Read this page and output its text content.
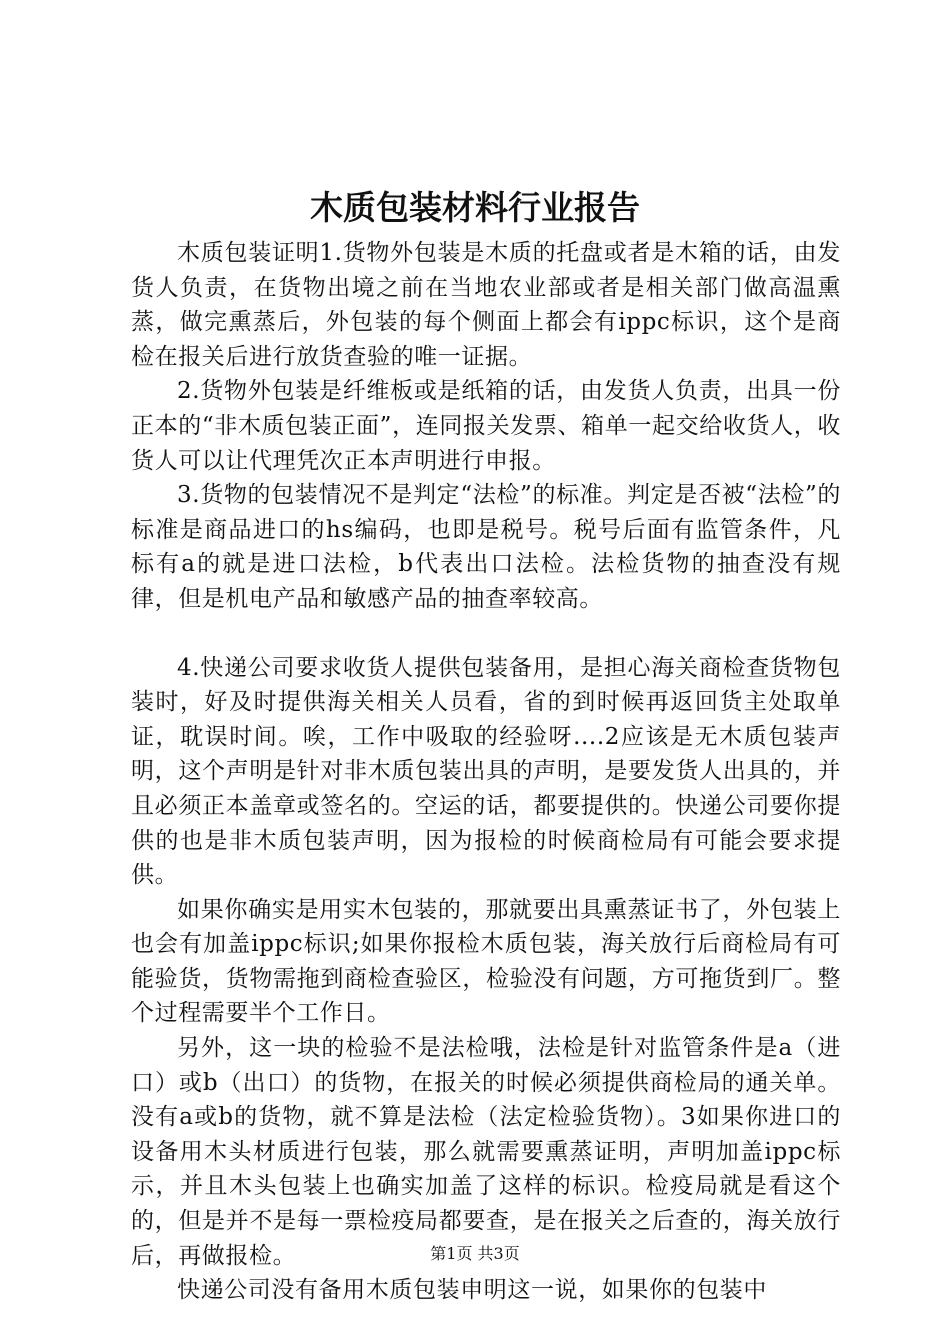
木质包装材料行业报告

木质包装证明1.货物外包装是木质的托盘或者是木箱的话，由发货人负责，在货物出境之前在当地农业部或者是相关部门做高温熏蒸，做完熏蒸后，外包装的每个侧面上都会有ippc标识，这个是商检在报关后进行放货查验的唯一证据。

2.货物外包装是纤维板或是纸箱的话，由发货人负责，出具一份正本的“非木质包装正面”，连同报关发票、箱单一起交给收货人，收货人可以让代理凭次正本声明进行申报。

3.货物的包装情况不是判定“法检”的标准。判定是否被“法检”的标准是商品进口的hs编码，也即是税号。税号后面有监管条件，凡标有a的就是进口法检，b代表出口法检。法检货物的抽查没有规律，但是机电产品和敏感产品的抽查率较高。

4.快递公司要求收货人提供包装备用，是担心海关商检查货物包装时，好及时提供海关相关人员看，省的到时候再返回货主处取单证，耽误时间。唉，工作中吸取的经验呀....2应该是无木质包装声明，这个声明是针对非木质包装出具的声明，是要发货人出具的，并且必须正本盖章或签名的。空运的话，都要提供的。快递公司要你提供的也是非木质包装声明，因为报检的时候商检局有可能会要求提供。

如果你确实是用实木包装的，那就要出具熏蒸证书了，外包装上也会有加盖ippc标识;如果你报检木质包装，海关放行后商检局有可能验货，货物需拖到商检查验区，检验没有问题，方可拖货到厂。整个过程需要半个工作日。

另外，这一块的检验不是法检哦，法检是针对监管条件是a（进口）或b（出口）的货物，在报关的时候必须提供商检局的通关单。没有a或b的货物，就不算是法检（法定检验货物）。3如果你进口的设备用木头材质进行包装，那么就需要熏蒸证明，声明加盖ippc标示，并且木头包装上也确实加盖了这样的标识。检疫局就是看这个的，但是并不是每一票检疫局都要查，是在报关之后查的，海关放行后，再做报检。

快递公司没有备用木质包装申明这一说，如果你的包装中

第1页 共3页
